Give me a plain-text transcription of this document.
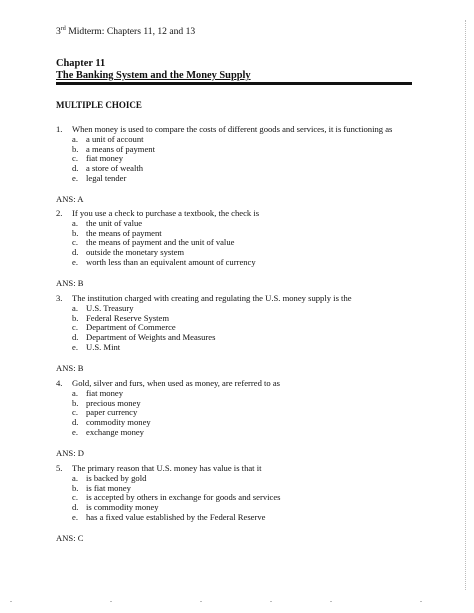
3rd Midterm: Chapters 11, 12 and 13
Chapter 11
The Banking System and the Money Supply
MULTIPLE CHOICE
1.	When money is used to compare the costs of different goods and services, it is functioning as
a. a unit of account
b. a means of payment
c. fiat money
d. a store of wealth
e. legal tender
ANS: A
2.	If you use a check to purchase a textbook, the check is
a. the unit of value
b. the means of payment
c. the means of payment and the unit of value
d. outside the monetary system
e. worth less than an equivalent amount of currency
ANS: B
3.	The institution charged with creating and regulating the U.S. money supply is the
a. U.S. Treasury
b. Federal Reserve System
c. Department of Commerce
d. Department of Weights and Measures
e. U.S. Mint
ANS: B
4.	Gold, silver and furs, when used as money, are referred to as
a. fiat money
b. precious money
c. paper currency
d. commodity money
e. exchange money
ANS: D
5.	The primary reason that U.S. money has value is that it
a. is backed by gold
b. is fiat money
c. is accepted by others in exchange for goods and services
d. is commodity money
e. has a fixed value established by the Federal Reserve
ANS: C
